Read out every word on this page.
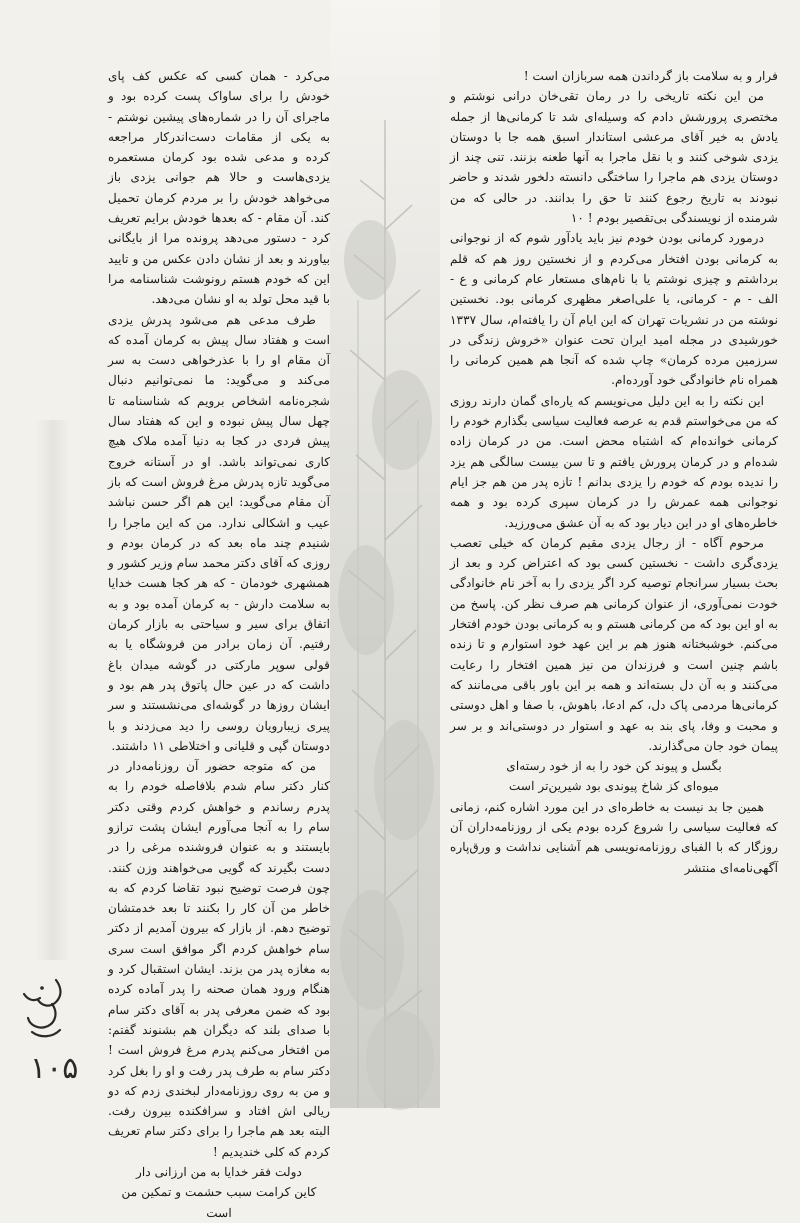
فرار و به سلامت باز گرداندن همه سربازان است !

من این نکته تاریخی را در رمان تقی‌خان درانی نوشتم و مختصری پرورشش دادم که وسیله‌ای شد تا کرمانی‌ها از جمله یادش به خیر آقای مرعشی استاندار اسبق همه جا با دوستان یزدی شوخی کنند و با نقل ماجرا به آنها طعنه بزنند. تنی چند از دوستان یزدی هم ماجرا را ساختگی دانسته دلخور شدند و حاضر نبودند به تاریخ رجوع کنند تا حق را بدانند. در حالی که من شرمنده از نویسندگی بی‌تقصیر بودم ! ۱۰

درمورد کرمانی بودن خودم نیز باید یادآور شوم که از نوجوانی به کرمانی بودن افتخار می‌کردم و از نخستین روز هم که قلم برداشتم و چیزی نوشتم یا با نام‌های مستعار عام کرمانی و ع - الف - م - کرمانی، یا علی‌اصغر مظهری کرمانی بود. نخستین نوشته من در نشریات تهران که این ایام آن را یافته‌ام، سال ۱۳۳۷ خورشیدی در مجله امید ایران تحت عنوان «خروش زندگی در سرزمین مرده کرمان» چاپ شده که آنجا هم همین کرمانی را همراه نام خانوادگی خود آورده‌ام.

این نکته را به این دلیل می‌نویسم که یاره‌ای گمان دارند روزی که من می‌خواستم قدم به عرصه فعالیت سیاسی بگذارم خودم را کرمانی خوانده‌ام که اشتباه محض است. من در کرمان زاده شده‌ام و در کرمان پرورش یافتم و تا سن بیست سالگی هم یزد را ندیده بودم که خودم را یزدی بدانم ! تازه پدر من هم جز ایام نوجوانی همه عمرش را در کرمان سپری کرده بود و همه خاطره‌های او در این دیار بود که به آن عشق می‌ورزید.

مرحوم آگاه - از رجال یزدی مقیم کرمان که خیلی تعصب یزدی‌گری داشت - نخستین کسی بود که اعتراض کرد و بعد از بحث بسیار سرانجام توصیه کرد اگر یزدی را به آخر نام خانوادگی خودت نمی‌آوری، از عنوان کرمانی هم صرف نظر کن. پاسخ من به او این بود که من کرمانی هستم و به کرمانی بودن خودم افتخار می‌کنم. خوشبختانه هنوز هم بر این عهد خود استوارم و تا زنده باشم چنین است و فرزندان من نیز همین افتخار را رعایت می‌کنند و به آن دل بسته‌اند و همه بر این باور باقی می‌مانند که کرمانی‌ها مردمی پاک دل، کم ادعا، باهوش، با صفا و اهل دوستی و محبت و وفا، پای بند به عهد و استوار در دوستی‌اند و بر سر پیمان خود جان می‌گذارند.

بگسل و پیوند کن خود را به از خود رسته‌ای

میوه‌ای کز شاخ پیوندی بود شیرین‌تر است

همین جا بد نیست به خاطره‌ای در این مورد اشاره کنم، زمانی که فعالیت سیاسی را شروع کرده بودم یکی از روزنامه‌داران آن روزگار که با الفبای روزنامه‌نویسی هم آشنایی نداشت و ورق‌پاره آگهی‌نامه‌ای منتشر

می‌کرد - همان کسی که عکس کف پای خودش را برای ساواک پست کرده بود و ماجرای آن را در شماره‌های پیشین نوشتم - به یکی از مقامات دست‌اندرکار مراجعه کرده و مدعی شده بود کرمان مستعمره یزدی‌هاست و حالا هم جوانی یزدی باز می‌خواهد خودش را بر مردم کرمان تحمیل کند. آن مقام - که بعدها خودش برایم تعریف کرد - دستور می‌دهد پرونده مرا از بایگانی بیاورند و بعد از نشان دادن عکس من و تایید این که خودم هستم رونوشت شناسنامه مرا با قید محل تولد به او نشان می‌دهد.

طرف مدعی هم می‌شود پدرش یزدی است و هفتاد سال پیش به کرمان آمده که آن مقام او را با عذرخواهی دست به سر می‌کند و می‌گوید: ما نمی‌توانیم دنبال شجره‌نامه اشخاص برویم که شناسنامه تا چهل سال پیش نبوده و این که هفتاد سال پیش فردی در کجا به دنیا آمده ملاک هیچ کاری نمی‌تواند باشد. او در آستانه خروج می‌گوید تازه پدرش مرغ فروش است که باز آن مقام می‌گوید: این هم اگر حسن نباشد عیب و اشکالی ندارد. من که این ماجرا را شنیدم چند ماه بعد که در کرمان بودم و روزی که آقای دکتر محمد سام وزیر کشور و همشهری خودمان - که هر کجا هست خدایا به سلامت دارش - به کرمان آمده بود و به اتفاق برای سیر و سیاحتی به بازار کرمان رفتیم. آن زمان برادر من فروشگاه یا به قولی سوپر مارکتی در گوشه میدان باغ داشت که در عین حال پاتوق پدر هم بود و ایشان روزها در گوشه‌ای می‌نشستند و سر پیری زیبارویان روسی را دید می‌زدند و با دوستان گپی و قلیانی و اختلاطی ۱۱ داشتند.

من که متوجه حضور آن روزنامه‌دار در کنار دکتر سام شدم بلافاصله خودم را به پدرم رساندم و خواهش کردم وقتی دکتر سام را به آنجا می‌آورم ایشان پشت ترازو بایستند و به عنوان فروشنده مرغی را در دست بگیرند که گویی می‌خواهند وزن کنند. چون فرصت توضیح نبود تقاضا کردم که به خاطر من آن کار را بکنند تا بعد خدمتشان توضیح دهم. از بازار که بیرون آمدیم از دکتر سام خواهش کردم اگر موافق است سری به مغازه پدر من بزند. ایشان استقبال کرد و هنگام ورود همان صحنه را پدر آماده کرده بود که ضمن معرفی پدر به آقای دکتر سام با صدای بلند که دیگران هم بشنوند گفتم: من افتخار می‌کنم پدرم مرغ فروش است ! دکتر سام به طرف پدر رفت و او را بغل کرد و من به روی روزنامه‌دار لبخندی زدم که دو ریالی اش افتاد و سرافکنده بیرون رفت. البته بعد هم ماجرا را برای دکتر سام تعریف کردم که کلی خندیدیم !

دولت فقر خدایا به من ارزانی دار

کاین کرامت سبب حشمت و تمکین من است

۱۰۵
